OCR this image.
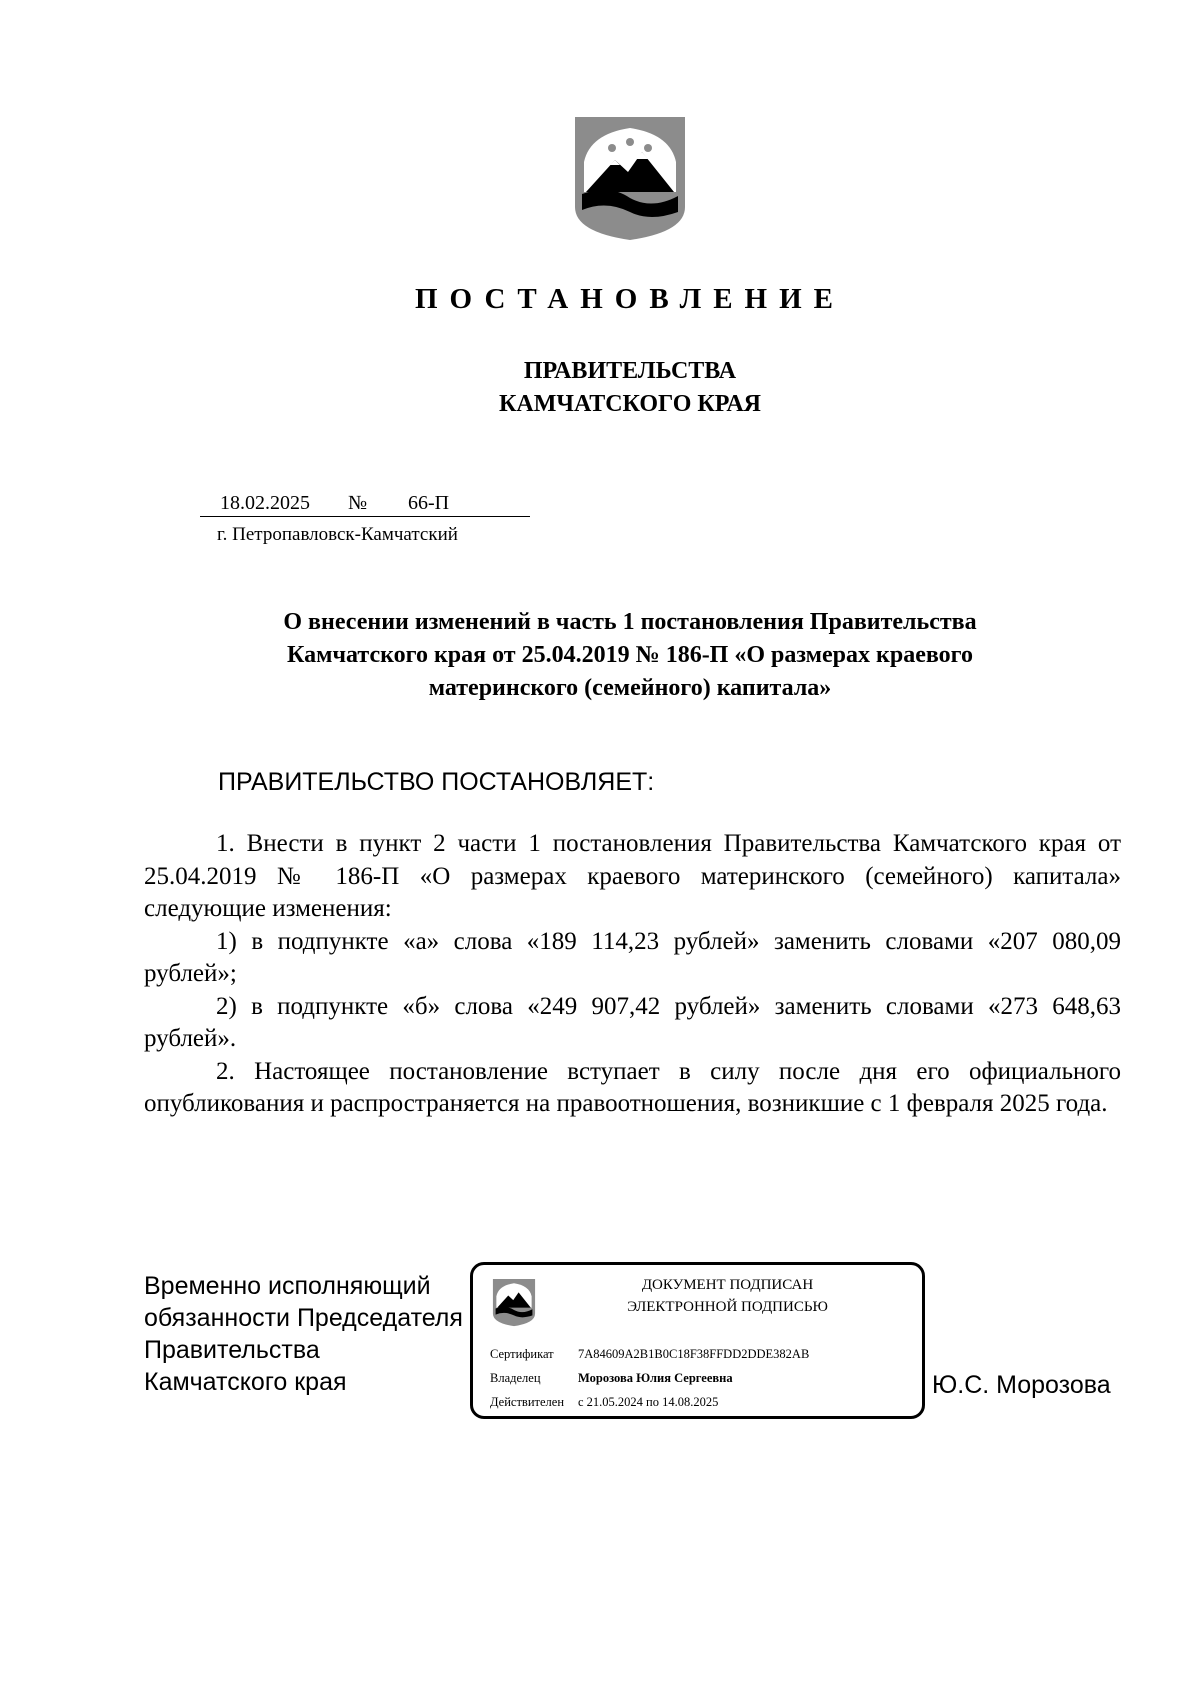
ПОСТАНОВЛЕНИЕ
ПРАВИТЕЛЬСТВА
КАМЧАТСКОГО КРАЯ
18.02.2025 № 66-П
г. Петропавловск-Камчатский
О внесении изменений в часть 1 постановления Правительства
Камчатского края от 25.04.2019 № 186-П «О размерах краевого
материнского (семейного) капитала»
ПРАВИТЕЛЬСТВО ПОСТАНОВЛЯЕТ:

1. Внести в пункт 2 части 1 постановления Правительства Камчатского края от 25.04.2019 № 186-П «О размерах краевого материнского (семейного) капитала» следующие изменения:

1) в подпункте «а» слова «189 114,23 рублей» заменить словами «207 080,09 рублей»;

2) в подпункте «б» слова «249 907,42 рублей» заменить словами «273 648,63 рублей».

2. Настоящее постановление вступает в силу после дня его официального опубликования и распространяется на правоотношения, возникшие с 1 февраля 2025 года.

Временно исполняющий
обязанности Председателя
Правительства
Камчатского края
ДОКУМЕНТ ПОДПИСАН
ЭЛЕКТРОННОЙ ПОДПИСЬЮ
Сертификат 7A84609A2B1B0C18F38FFDD2DDE382AB
Владелец	Морозова Юлия Сергеевна
Действителен с 21.05.2024 по 14.08.2025
Ю.С. Морозова
